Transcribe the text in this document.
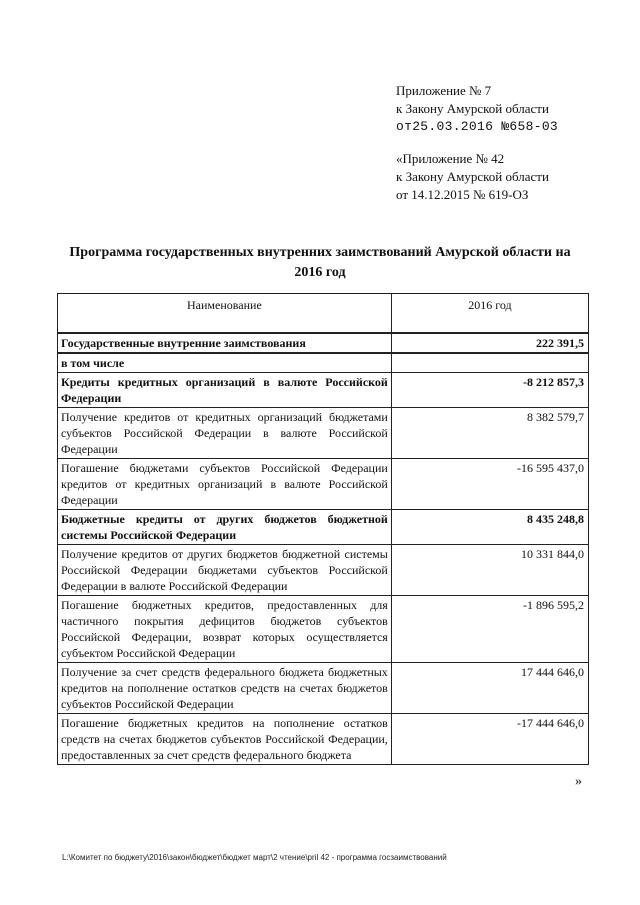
Приложение № 7
к Закону Амурской области
от25.03.2016 №658-03
«Приложение № 42
к Закону Амурской области
от 14.12.2015 № 619-ОЗ
Программа государственных внутренних заимствований Амурской области на
2016 год
Наименование	2016 год
Государственные внутренние заимствования	222 391,5
в том числе	
Кредиты кредитных организаций в валюте Российской Федерации	-8 212 857,3
Получение кредитов от кредитных организаций бюджетами субъектов Российской Федерации в валюте Российской Федерации	8 382 579,7
Погашение бюджетами субъектов Российской Федерации кредитов от кредитных организаций в валюте Российской Федерации	-16 595 437,0
Бюджетные кредиты от других бюджетов бюджетной системы Российской Федерации	8 435 248,8
Получение кредитов от других бюджетов бюджетной системы Российской Федерации бюджетами субъектов Российской Федерации в валюте Российской Федерации	10 331 844,0
Погашение бюджетных кредитов, предоставленных для частичного покрытия дефицитов бюджетов субъектов Российской Федерации, возврат которых осуществляется субъектом Российской Федерации	-1 896 595,2
Получение за счет средств федерального бюджета бюджетных кредитов на пополнение остатков средств на счетах бюджетов субъектов Российской Федерации	17 444 646,0
Погашение бюджетных кредитов на пополнение остатков средств на счетах бюджетов субъектов Российской Федерации, предоставленных за счет средств федерального бюджета	-17 444 646,0
»
L:\Комитет по бюджету\2016\закон\бюджет\бюджет март\2 чтение\pril 42 - программа госзаимствований
